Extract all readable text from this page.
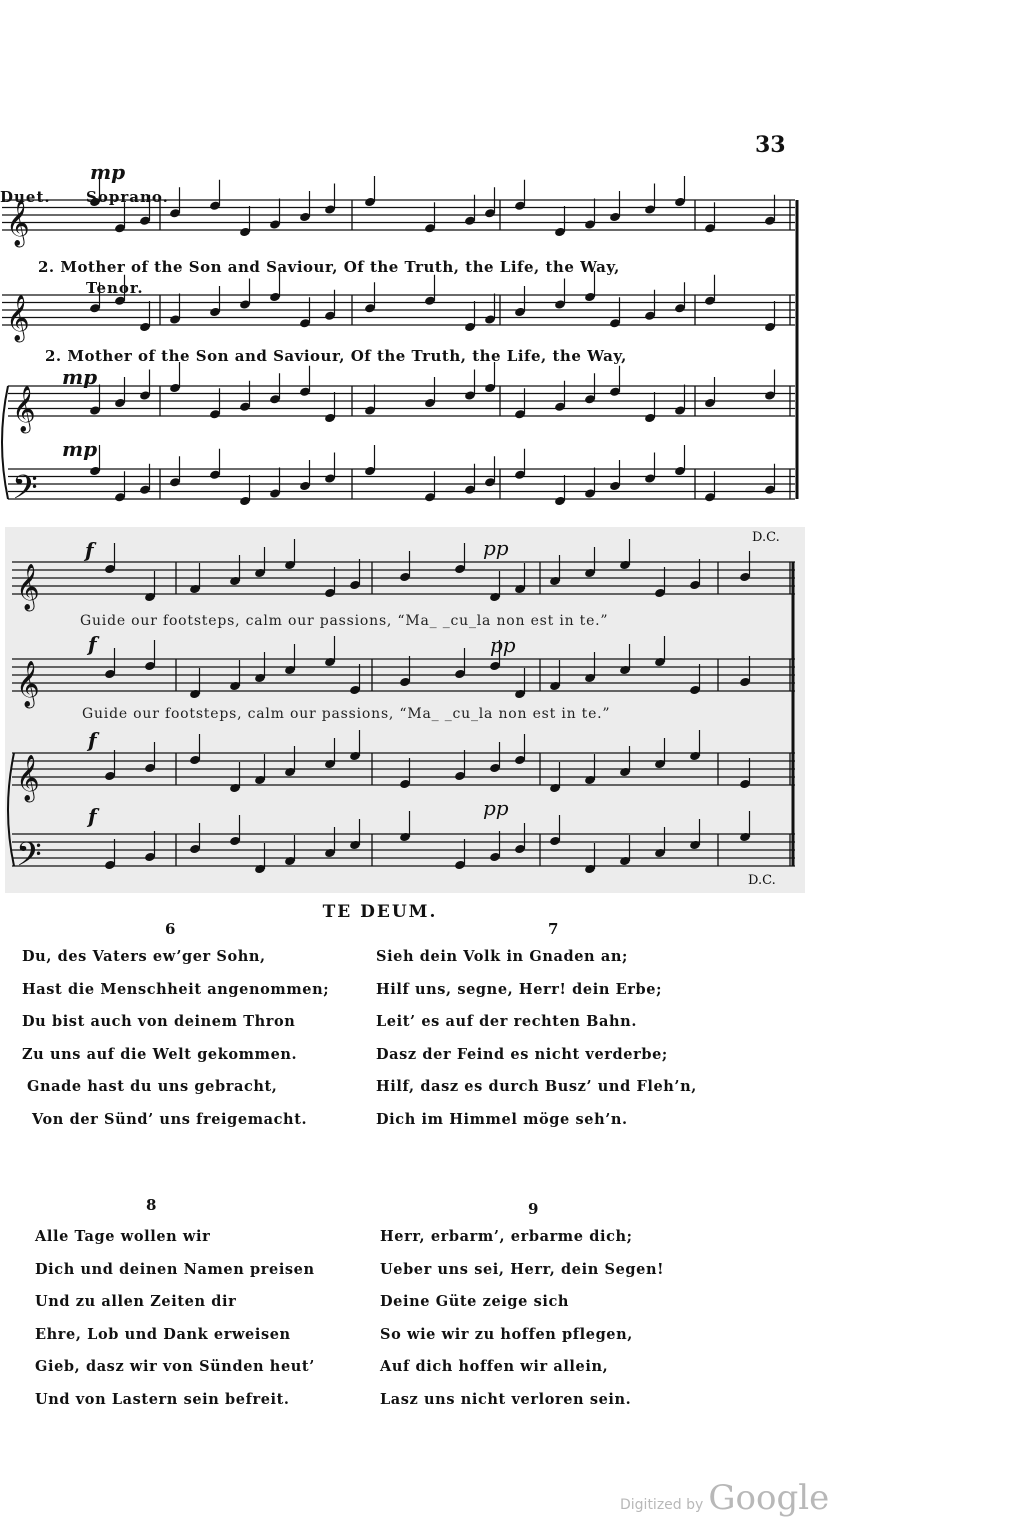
33
𝄞
𝄞
𝄞
𝄢
𝄞
𝄞
𝄞
𝄢
mp
Duet. Soprano.
2. Mother of the Son and Saviour, Of the Truth, the Life, the Way,
Tenor.
2. Mother of the Son and Saviour, Of the Truth, the Life, the Way,
mp
mp
f	pp	D.C.
Guide our footsteps, calm our passions, “Ma_ _cu_la non est in te.”
f	pp
Guide our footsteps, calm our passions, “Ma_ _cu_la non est in te.”
f
pp
f
D.C.
TE DEUM.
6
Du, des Vaters ew’ger Sohn,
Hast die Menschheit angenommen;
Du bist auch von deinem Thron
Zu uns auf die Welt gekommen.
Gnade hast du uns gebracht,
Von der Sünd’ uns freigemacht.
7
Sieh dein Volk in Gnaden an;
Hilf uns, segne, Herr! dein Erbe;
Leit’ es auf der rechten Bahn.
Dasz der Feind es nicht verderbe;
Hilf, dasz es durch Busz’ und Fleh’n,
Dich im Himmel möge seh’n.
8
Alle Tage wollen wir
Dich und deinen Namen preisen
Und zu allen Zeiten dir
Ehre, Lob und Dank erweisen
Gieb, dasz wir von Sünden heut’
Und von Lastern sein befreit.
9
Herr, erbarm’, erbarme dich;
Ueber uns sei, Herr, dein Segen!
Deine Güte zeige sich
So wie wir zu hoffen pflegen,
Auf dich hoffen wir allein,
Lasz uns nicht verloren sein.
Digitized by Google
